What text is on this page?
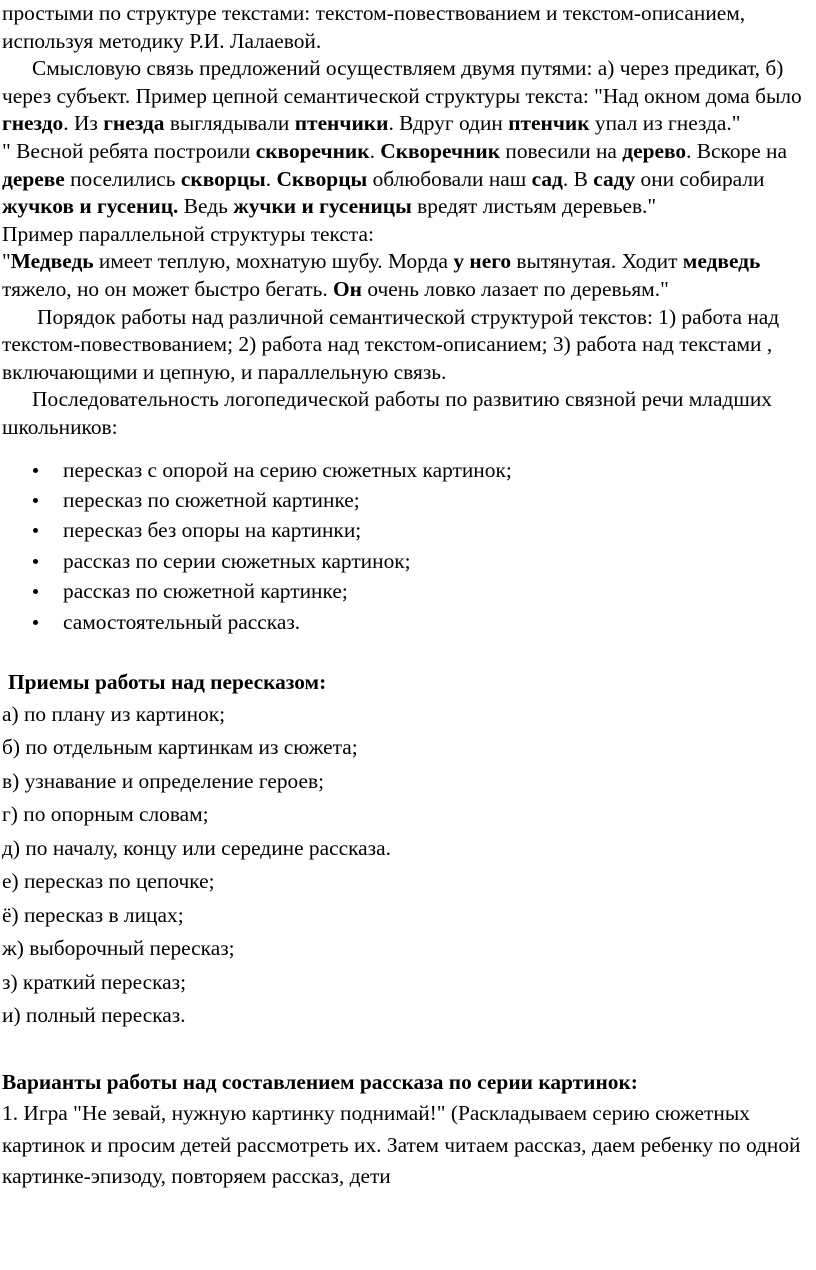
простыми по структуре текстами: текстом-повествованием и текстом-описанием, используя методику Р.И. Лалаевой.

Смысловую связь предложений осуществляем двумя путями: а) через предикат, б) через субъект. Пример цепной семантической структуры текста: "Над окном дома было гнездо. Из гнезда выглядывали птенчики. Вдруг один птенчик упал из гнезда."

" Весной ребята построили скворечник. Скворечник повесили на дерево. Вскоре на дереве поселились скворцы. Скворцы облюбовали наш сад. В саду они собирали жучков и гусениц. Ведь жучки и гусеницы вредят листьям деревьев."

Пример параллельной структуры текста:

"Медведь имеет теплую, мохнатую шубу. Морда у него вытянутая. Ходит медведь тяжело, но он может быстро бегать. Он очень ловко лазает по деревьям."

Порядок работы над различной семантической структурой текстов: 1) работа над текстом-повествованием; 2) работа над текстом-описанием; 3) работа над текстами , включающими и цепную, и параллельную связь.

Последовательность логопедической работы по развитию связной речи младших школьников:

пересказ с опорой на серию сюжетных картинок;
пересказ по сюжетной картинке;
пересказ без опоры на картинки;
рассказ по серии сюжетных картинок;
рассказ по сюжетной картинке;
самостоятельный рассказ.
Приемы работы над пересказом:

а) по плану из картинок;

б) по отдельным картинкам из сюжета;

в) узнавание и определение героев;

г) по опорным словам;

д) по началу, концу или середине рассказа.

е) пересказ по цепочке;

ё) пересказ в лицах;

ж) выборочный пересказ;

з) краткий пересказ;

и) полный пересказ.

Варианты работы над составлением рассказа по серии картинок:

1. Игра "Не зевай, нужную картинку поднимай!" (Раскладываем серию сюжетных картинок и просим детей рассмотреть их. Затем читаем рассказ, даем ребенку по одной картинке-эпизоду, повторяем рассказ, дети
